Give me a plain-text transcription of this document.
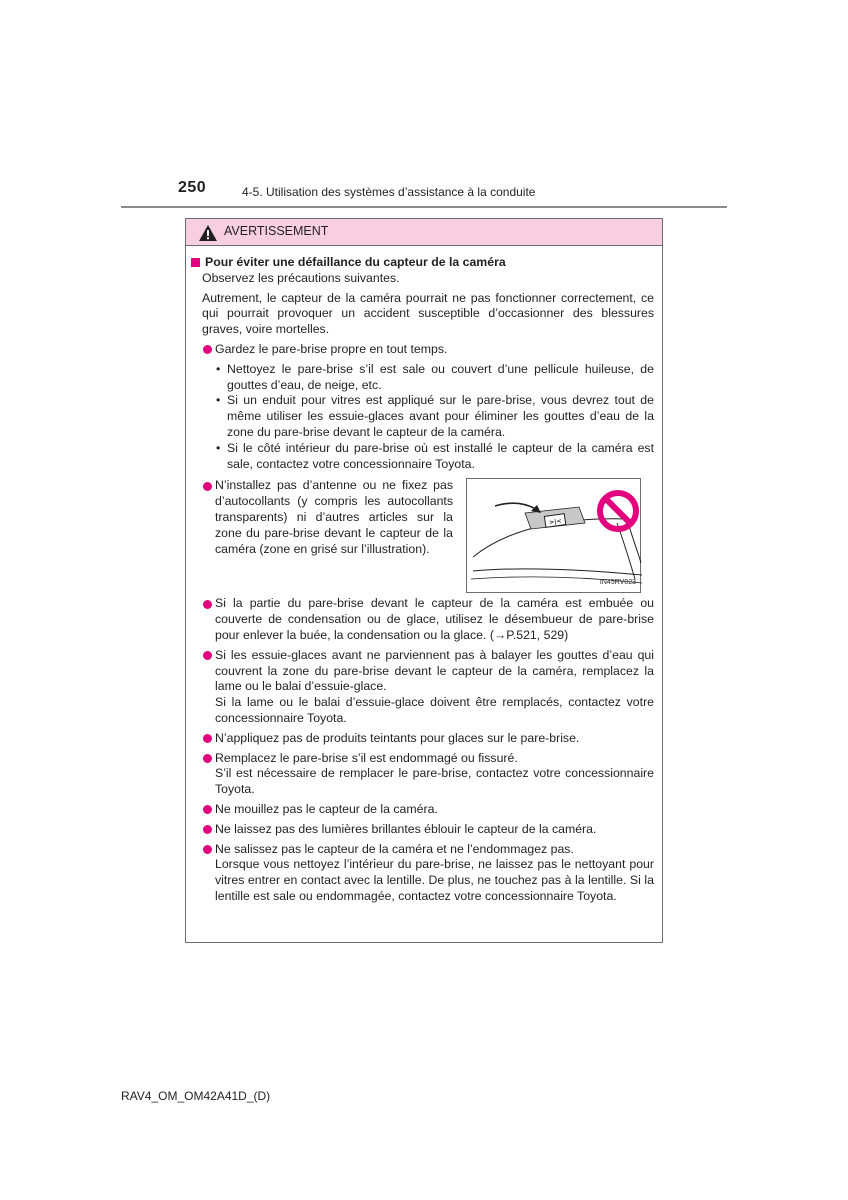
250	4-5. Utilisation des systèmes d’assistance à la conduite
AVERTISSEMENT

Pour éviter une défaillance du capteur de la caméra

Observez les précautions suivantes.

Autrement, le capteur de la caméra pourrait ne pas fonctionner correctement, ce qui pourrait provoquer un accident susceptible d’occasionner des blessures graves, voire mortelles.

Gardez le pare-brise propre en tout temps.

• Nettoyez le pare-brise s’il est sale ou couvert d’une pellicule huileuse, de gouttes d’eau, de neige, etc.

• Si un enduit pour vitres est appliqué sur le pare-brise, vous devrez tout de même utiliser les essuie-glaces avant pour éliminer les gouttes d’eau de la zone du pare-brise devant le capteur de la caméra.

• Si le côté intérieur du pare-brise où est installé le capteur de la caméra est sale, contactez votre concessionnaire Toyota.

N’installez pas d’antenne ou ne fixez pas d’autocollants (y compris les autocollants transparents) ni d’autres articles sur la zone du pare-brise devant le capteur de la caméra (zone en grisé sur l’illustration).

>|<
IN45RV023

Si la partie du pare-brise devant le capteur de la caméra est embuée ou couverte de condensation ou de glace, utilisez le désembueur de pare-brise pour enlever la buée, la condensation ou la glace. (→P.521, 529)

Si les essuie-glaces avant ne parviennent pas à balayer les gouttes d’eau qui couvrent la zone du pare-brise devant le capteur de la caméra, remplacez la lame ou le balai d’essuie-glace.

Si la lame ou le balai d’essuie-glace doivent être remplacés, contactez votre concessionnaire Toyota.

N’appliquez pas de produits teintants pour glaces sur le pare-brise.

Remplacez le pare-brise s’il est endommagé ou fissuré.

S’il est nécessaire de remplacer le pare-brise, contactez votre concessionnaire Toyota.

Ne mouillez pas le capteur de la caméra.

Ne laissez pas des lumières brillantes éblouir le capteur de la caméra.

Ne salissez pas le capteur de la caméra et ne l’endommagez pas.

Lorsque vous nettoyez l’intérieur du pare-brise, ne laissez pas le nettoyant pour vitres entrer en contact avec la lentille. De plus, ne touchez pas à la lentille. Si la lentille est sale ou endommagée, contactez votre concessionnaire Toyota.

RAV4_OM_OM42A41D_(D)
